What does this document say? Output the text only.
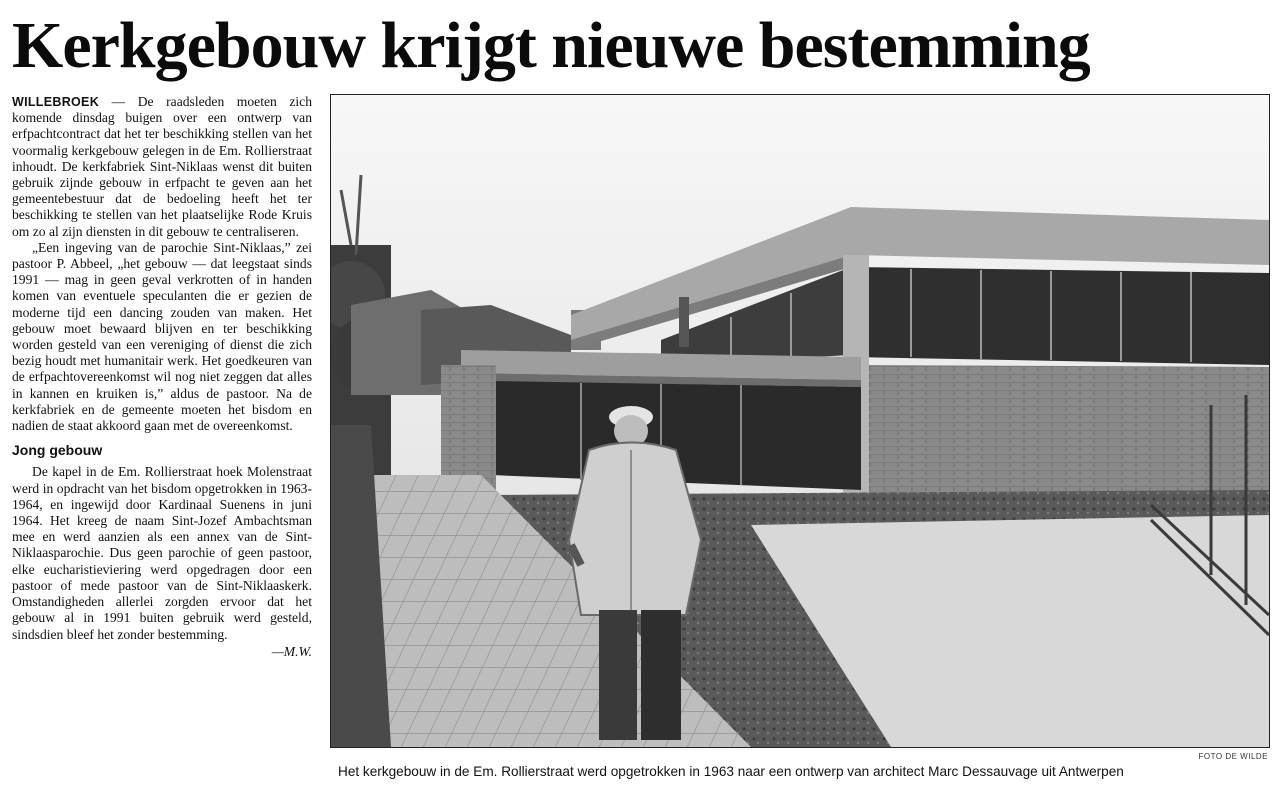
Kerkgebouw krijgt nieuwe bestemming

WILLEBROEK — De raadsleden moeten zich komende dinsdag buigen over een ontwerp van erfpachtcontract dat het ter beschikking stellen van het voormalig kerkgebouw gelegen in de Em. Rollierstraat inhoudt. De kerkfabriek Sint-Niklaas wenst dit buiten gebruik zijnde gebouw in erfpacht te geven aan het gemeentebestuur dat de bedoeling heeft het ter beschikking te stellen van het plaatselijke Rode Kruis om zo al zijn diensten in dit gebouw te centraliseren.

„Een ingeving van de parochie Sint-Niklaas,” zei pastoor P. Abbeel, „het gebouw — dat leegstaat sinds 1991 — mag in geen geval verkrotten of in handen komen van eventuele speculanten die er gezien de moderne tijd een dancing zouden van maken. Het gebouw moet bewaard blijven en ter beschikking worden gesteld van een vereniging of dienst die zich bezig houdt met humanitair werk. Het goedkeuren van de erfpachtovereenkomst wil nog niet zeggen dat alles in kannen en kruiken is,” aldus de pastoor. Na de kerkfabriek en de gemeente moeten het bisdom en nadien de staat akkoord gaan met de overeenkomst.

Jong gebouw

De kapel in de Em. Rollierstraat hoek Molenstraat werd in opdracht van het bisdom opgetrokken in 1963-1964, en ingewijd door Kardinaal Suenens in juni 1964. Het kreeg de naam Sint-Jozef Ambachtsman mee en werd aanzien als een annex van de Sint-Niklaasparochie. Dus geen parochie of geen pastoor, elke eucharistieviering werd opgedragen door een pastoor of mede pastoor van de Sint-Niklaaskerk. Omstandigheden allerlei zorgden ervoor dat het gebouw al in 1991 buiten gebruik werd gesteld, sindsdien bleef het zonder bestemming.

—M.W.
FOTO DE WILDE
Het kerkgebouw in de Em. Rollierstraat werd opgetrokken in 1963 naar een ontwerp van architect Marc Dessauvage uit Antwerpen
